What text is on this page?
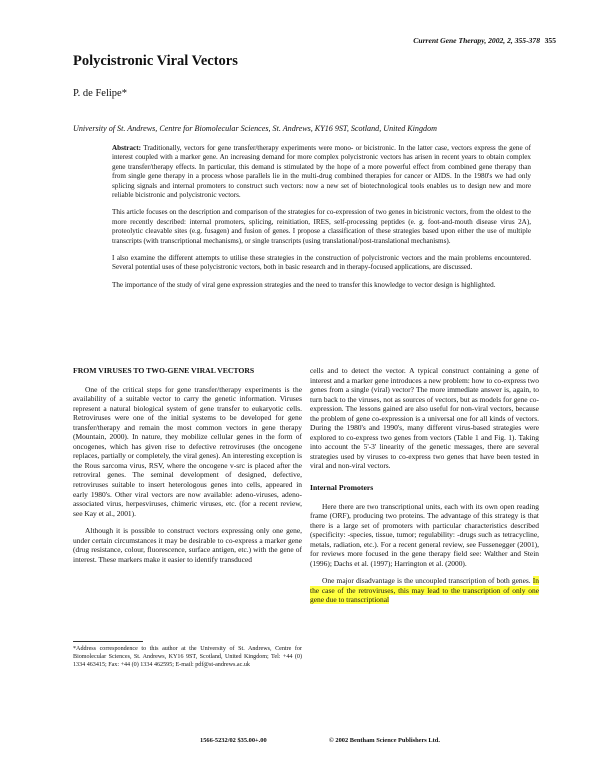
Current Gene Therapy, 2002, 2, 355-378 355
Polycistronic Viral Vectors
P. de Felipe*
University of St. Andrews, Centre for Biomolecular Sciences, St. Andrews, KY16 9ST, Scotland, United Kingdom

Abstract: Traditionally, vectors for gene transfer/therapy experiments were mono- or bicistronic. In the latter case, vectors express the gene of interest coupled with a marker gene. An increasing demand for more complex polycistronic vectors has arisen in recent years to obtain complex gene transfer/therapy effects. In particular, this demand is stimulated by the hope of a more powerful effect from combined gene therapy than from single gene therapy in a process whose parallels lie in the multi-drug combined therapies for cancer or AIDS. In the 1980's we had only splicing signals and internal promoters to construct such vectors: now a new set of biotechnological tools enables us to design new and more reliable bicistronic and polycistronic vectors.

This article focuses on the description and comparison of the strategies for co-expression of two genes in bicistronic vectors, from the oldest to the more recently described: internal promoters, splicing, reinitiation, IRES, self-processing peptides (e. g. foot-and-mouth disease virus 2A), proteolytic cleavable sites (e.g. fusagen) and fusion of genes. I propose a classification of these strategies based upon either the use of multiple transcripts (with transcriptional mechanisms), or single transcripts (using translational/post-translational mechanisms).

I also examine the different attempts to utilise these strategies in the construction of polycistronic vectors and the main problems encountered. Several potential uses of these polycistronic vectors, both in basic research and in therapy-focused applications, are discussed.

The importance of the study of viral gene expression strategies and the need to transfer this knowledge to vector design is highlighted.

FROM VIRUSES TO TWO-GENE VIRAL VECTORS

One of the critical steps for gene transfer/therapy experiments is the availability of a suitable vector to carry the genetic information. Viruses represent a natural biological system of gene transfer to eukaryotic cells. Retroviruses were one of the initial systems to be developed for gene transfer/therapy and remain the most common vectors in gene therapy (Mountain, 2000). In nature, they mobilize cellular genes in the form of oncogenes, which has given rise to defective retroviruses (the oncogene replaces, partially or completely, the viral genes). An interesting exception is the Rous sarcoma virus, RSV, where the oncogene v-src is placed after the retroviral genes. The seminal development of designed, defective, retroviruses suitable to insert heterologous genes into cells, appeared in early 1980's. Other viral vectors are now available: adeno-viruses, adeno-associated virus, herpesviruses, chimeric viruses, etc. (for a recent review, see Kay et al., 2001).

Although it is possible to construct vectors expressing only one gene, under certain circumstances it may be desirable to co-express a marker gene (drug resistance, colour, fluorescence, surface antigen, etc.) with the gene of interest. These markers make it easier to identify transduced

cells and to detect the vector. A typical construct containing a gene of interest and a marker gene introduces a new problem: how to co-express two genes from a single (viral) vector? The more immediate answer is, again, to turn back to the viruses, not as sources of vectors, but as models for gene co-expression. The lessons gained are also useful for non-viral vectors, because the problem of gene co-expression is a universal one for all kinds of vectors. During the 1980's and 1990's, many different virus-based strategies were explored to co-express two genes from vectors (Table 1 and Fig. 1). Taking into account the 5'-3' linearity of the genetic messages, there are several strategies used by viruses to co-express two genes that have been tested in viral and non-viral vectors.

Internal Promoters

Here there are two transcriptional units, each with its own open reading frame (ORF), producing two proteins. The advantage of this strategy is that there is a large set of promoters with particular characteristics described (specificity: -species, tissue, tumor; regulability: -drugs such as tetracycline, metals, radiation, etc.). For a recent general review, see Fussenegger (2001), for reviews more focused in the gene therapy field see: Walther and Stein (1996); Dachs et al. (1997); Harrington et al. (2000).

One major disadvantage is the uncoupled transcription of both genes. In the case of the retroviruses, this may lead to the transcription of only one gene due to transcriptional

*Address correspondence to this author at the University of St. Andrews, Centre for Biomolecular Sciences, St. Andrews, KY16 9ST, Scotland, United Kingdom; Tel: +44 (0) 1334 463415; Fax: +44 (0) 1334 462595; E-mail: pdf@st-andrews.ac.uk
1566-5232/02 $35.00+.00	© 2002 Bentham Science Publishers Ltd.
